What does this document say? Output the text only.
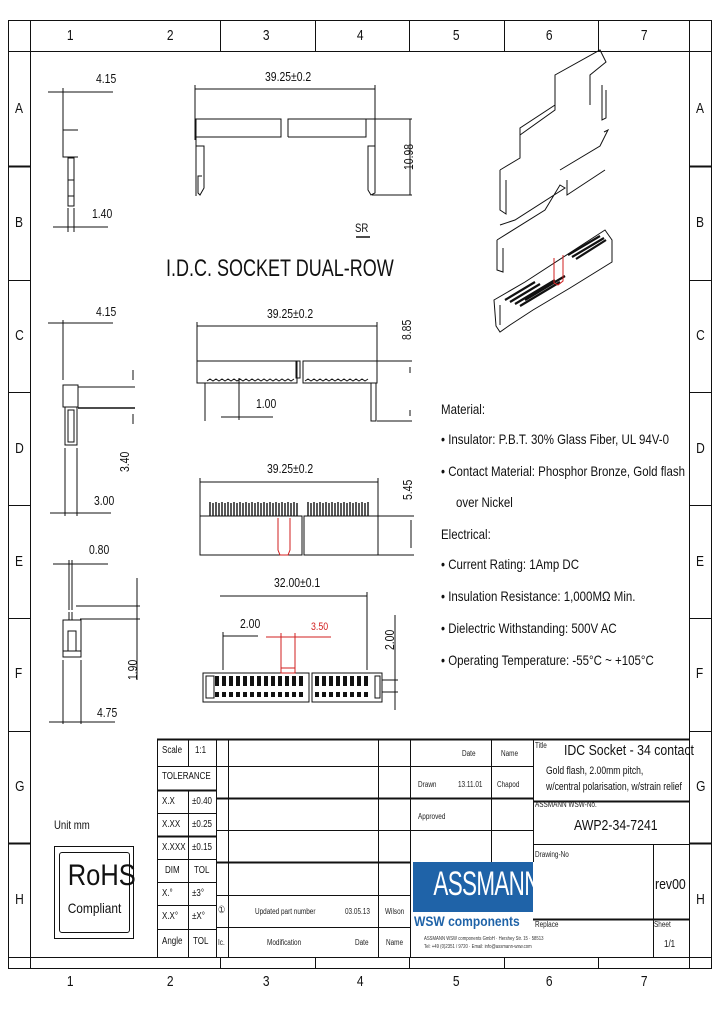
1	2	3	4	5	6	7
1	2	3	4	5	6	7
A
B
C
D
E
F
G
H
A
B
C
D
E
F
G
H
4.15
1.40
39.25±0.2
10.98
SR
I.D.C. SOCKET DUAL-ROW
4.15
3.40
3.00
39.25±0.2
8.85
1.00
39.25±0.2
5.45
0.80
1.90
4.75
32.00±0.1
2.00	3.50
2.00
Material:
• Insulator: P.B.T. 30% Glass Fiber, UL 94V-0
• Contact Material: Phosphor Bronze, Gold flash
over Nickel
Electrical:
• Current Rating: 1Amp DC
• Insulation Resistance: 1,000MΩ Min.
• Dielectric Withstanding: 500V AC
• Operating Temperature: -55°C ~ +105°C
Unit mm
RoHS
Compliant
Scale 1:1
TOLERANCE
X.X ±0.40
X.XX ±0.25
X.XXX ±0.15
DIM TOL
X.° ±3°
X.X° ±X°
Angle TOL
①	Updated part number	03.05.13 Wilson
Ic.	Modification	Date Name
Date	Name
Drawn	13.11.01 Chapod
Approved
Title IDC Socket - 34 contact
Gold flash, 2.00mm pitch,
w/central polarisation, w/strain relief
ASSMANN WSW-No.
AWP2-34-7241
Drawing-No
rev00
Replace	Sheet
1/1
ASSMANN
WSW components
ASSMANN WSW components GmbH · Hershey Str. 15 · 58513
Tel: +49 (0)2351 / 9720 · Email: info@assmann-wsw.com
